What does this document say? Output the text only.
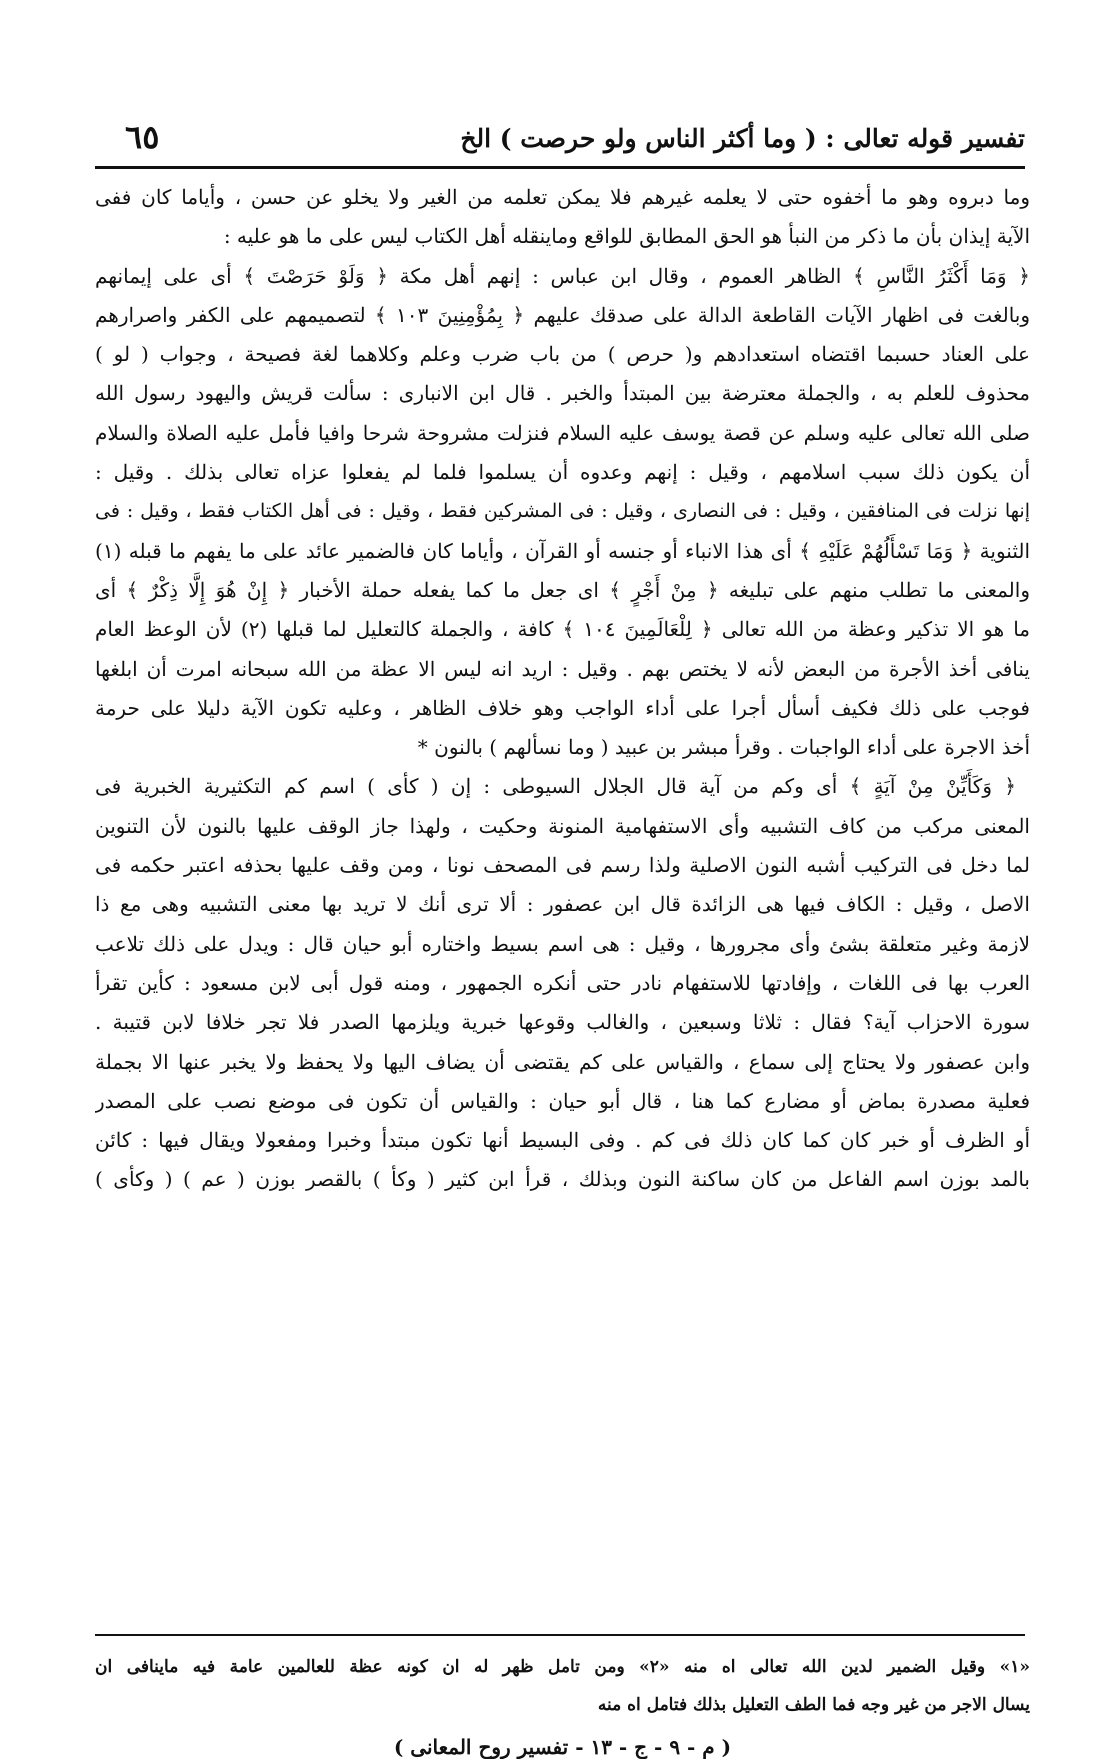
تفسير قوله تعالى : ( وما أكثر الناس ولو حرصت ) الخ
٦٥
وما دبروه وهو ما أخفوه حتى لا يعلمه غيرهم فلا يمكن تعلمه من الغير ولا يخلو عن حسن ، وأياما كان ففى
الآية إيذان بأن ما ذكر من النبأ هو الحق المطابق للواقع وماينقله أهل الكتاب ليس على ما هو عليه :
﴿ وَمَا أَكْثَرُ النَّاسِ ﴾ الظاهر العموم ، وقال ابن عباس : إنهم أهل مكة ﴿ وَلَوْ حَرَصْتَ ﴾ أى على إيمانهم
وبالغت فى اظهار الآيات القاطعة الدالة على صدقك عليهم ﴿ بِمُؤْمِنِينَ ١٠٣ ﴾ لتصميمهم على الكفر واصرارهم
على العناد حسبما اقتضاه استعدادهم و( حرص ) من باب ضرب وعلم وكلاهما لغة فصيحة ، وجواب ( لو )
محذوف للعلم به ، والجملة معترضة بين المبتدأ والخبر . قال ابن الانبارى : سألت قريش واليهود رسول الله
صلى الله تعالى عليه وسلم عن قصة يوسف عليه السلام فنزلت مشروحة شرحا وافيا فأمل عليه الصلاة والسلام
أن يكون ذلك سبب اسلامهم ، وقيل : إنهم وعدوه أن يسلموا فلما لم يفعلوا عزاه تعالى بذلك . وقيل :
إنها نزلت فى المنافقين ، وقيل : فى النصارى ، وقيل : فى المشركين فقط ، وقيل : فى أهل الكتاب فقط ، وقيل : فى
الثنوية ﴿ وَمَا تَسْأَلُهُمْ عَلَيْهِ ﴾ أى هذا الانباء أو جنسه أو القرآن ، وأياما كان فالضمير عائد على ما يفهم ما قبله (١)
والمعنى ما تطلب منهم على تبليغه ﴿ مِنْ أَجْرٍ ﴾ اى جعل ما كما يفعله حملة الأخبار ﴿ إِنْ هُوَ إِلَّا ذِكْرٌ ﴾ أى
ما هو الا تذكير وعظة من الله تعالى ﴿ لِلْعَالَمِينَ ١٠٤ ﴾ كافة ، والجملة كالتعليل لما قبلها (٢) لأن الوعظ العام
ينافى أخذ الأجرة من البعض لأنه لا يختص بهم . وقيل : اريد انه ليس الا عظة من الله سبحانه امرت أن ابلغها
فوجب على ذلك فكيف أسأل أجرا على أداء الواجب وهو خلاف الظاهر ، وعليه تكون الآية دليلا على حرمة
أخذ الاجرة على أداء الواجبات . وقرأ مبشر بن عبيد ( وما نسألهم ) بالنون *
﴿ وَكَأَيِّنْ مِنْ آيَةٍ ﴾ أى وكم من آية قال الجلال السيوطى : إن ( كأى ) اسم كم التكثيرية الخبرية فى
المعنى مركب من كاف التشبيه وأى الاستفهامية المنونة وحكيت ، ولهذا جاز الوقف عليها بالنون لأن التنوين
لما دخل فى التركيب أشبه النون الاصلية ولذا رسم فى المصحف نونا ، ومن وقف عليها بحذفه اعتبر حكمه فى
الاصل ، وقيل : الكاف فيها هى الزائدة قال ابن عصفور : ألا ترى أنك لا تريد بها معنى التشبيه وهى مع ذا
لازمة وغير متعلقة بشئ وأى مجرورها ، وقيل : هى اسم بسيط واختاره أبو حيان قال : ويدل على ذلك تلاعب
العرب بها فى اللغات ، وإفادتها للاستفهام نادر حتى أنكره الجمهور ، ومنه قول أبى لابن مسعود : كأين تقرأ
سورة الاحزاب آية؟ فقال : ثلاثا وسبعين ، والغالب وقوعها خبرية ويلزمها الصدر فلا تجر خلافا لابن قتيبة .
وابن عصفور ولا يحتاج إلى سماع ، والقياس على كم يقتضى أن يضاف اليها ولا يحفظ ولا يخبر عنها الا بجملة
فعلية مصدرة بماض أو مضارع كما هنا ، قال أبو حيان : والقياس أن تكون فى موضع نصب على المصدر
أو الظرف أو خبر كان كما كان ذلك فى كم . وفى البسيط أنها تكون مبتدأ وخبرا ومفعولا ويقال فيها : كائن
بالمد بوزن اسم الفاعل من كان ساكنة النون وبذلك ، قرأ ابن كثير ( وكأ ) بالقصر بوزن ( عم ) ( وكأى )
«١» وقيل الضمير لدين الله تعالى اه منه «٢» ومن تامل ظهر له ان كونه عظة للعالمين عامة فيه ماينافى ان
يسال الاجر من غير وجه فما الطف التعليل بذلك فتامل اه منه
( م - ٩ - ج - ١٣ - تفسير روح المعانى )
